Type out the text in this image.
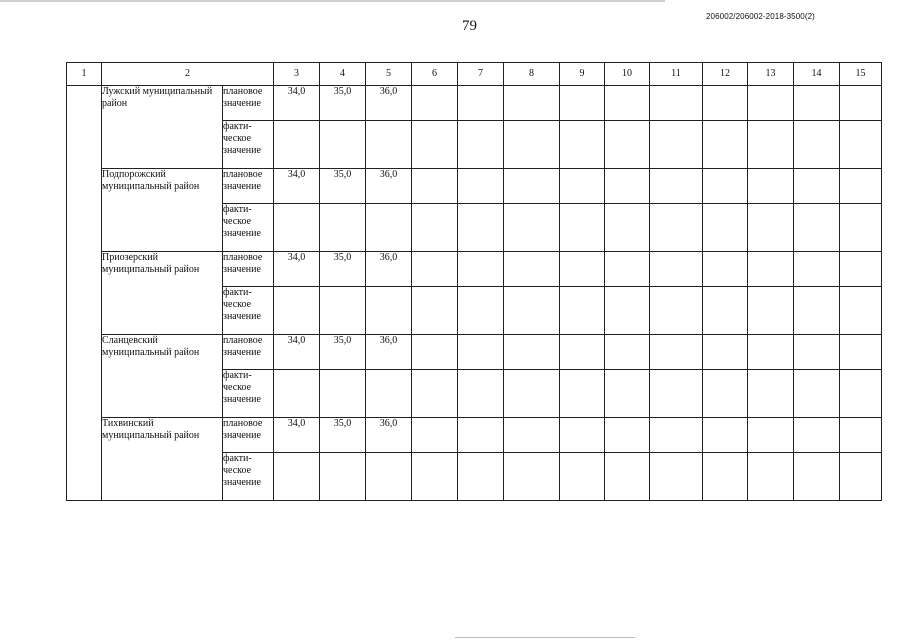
79
206002/206002-2018-3500(2)
1	2		3	4	5	6	7	8	9	10	11	12	13	14	15
	Лужский муниципальный район	плановое значение	34,0	35,0	36,0										
		факти-ческое значение													
	Подпорожский муниципальный район	плановое значение	34,0	35,0	36,0										
		факти-ческое значение													
	Приозерский муниципальный район	плановое значение	34,0	35,0	36,0										
		факти-ческое значение													
	Сланцевский муниципальный район	плановое значение	34,0	35,0	36,0										
		факти-ческое значение													
	Тихвинский муниципальный район	плановое значение	34,0	35,0	36,0										
		факти-ческое значение													
